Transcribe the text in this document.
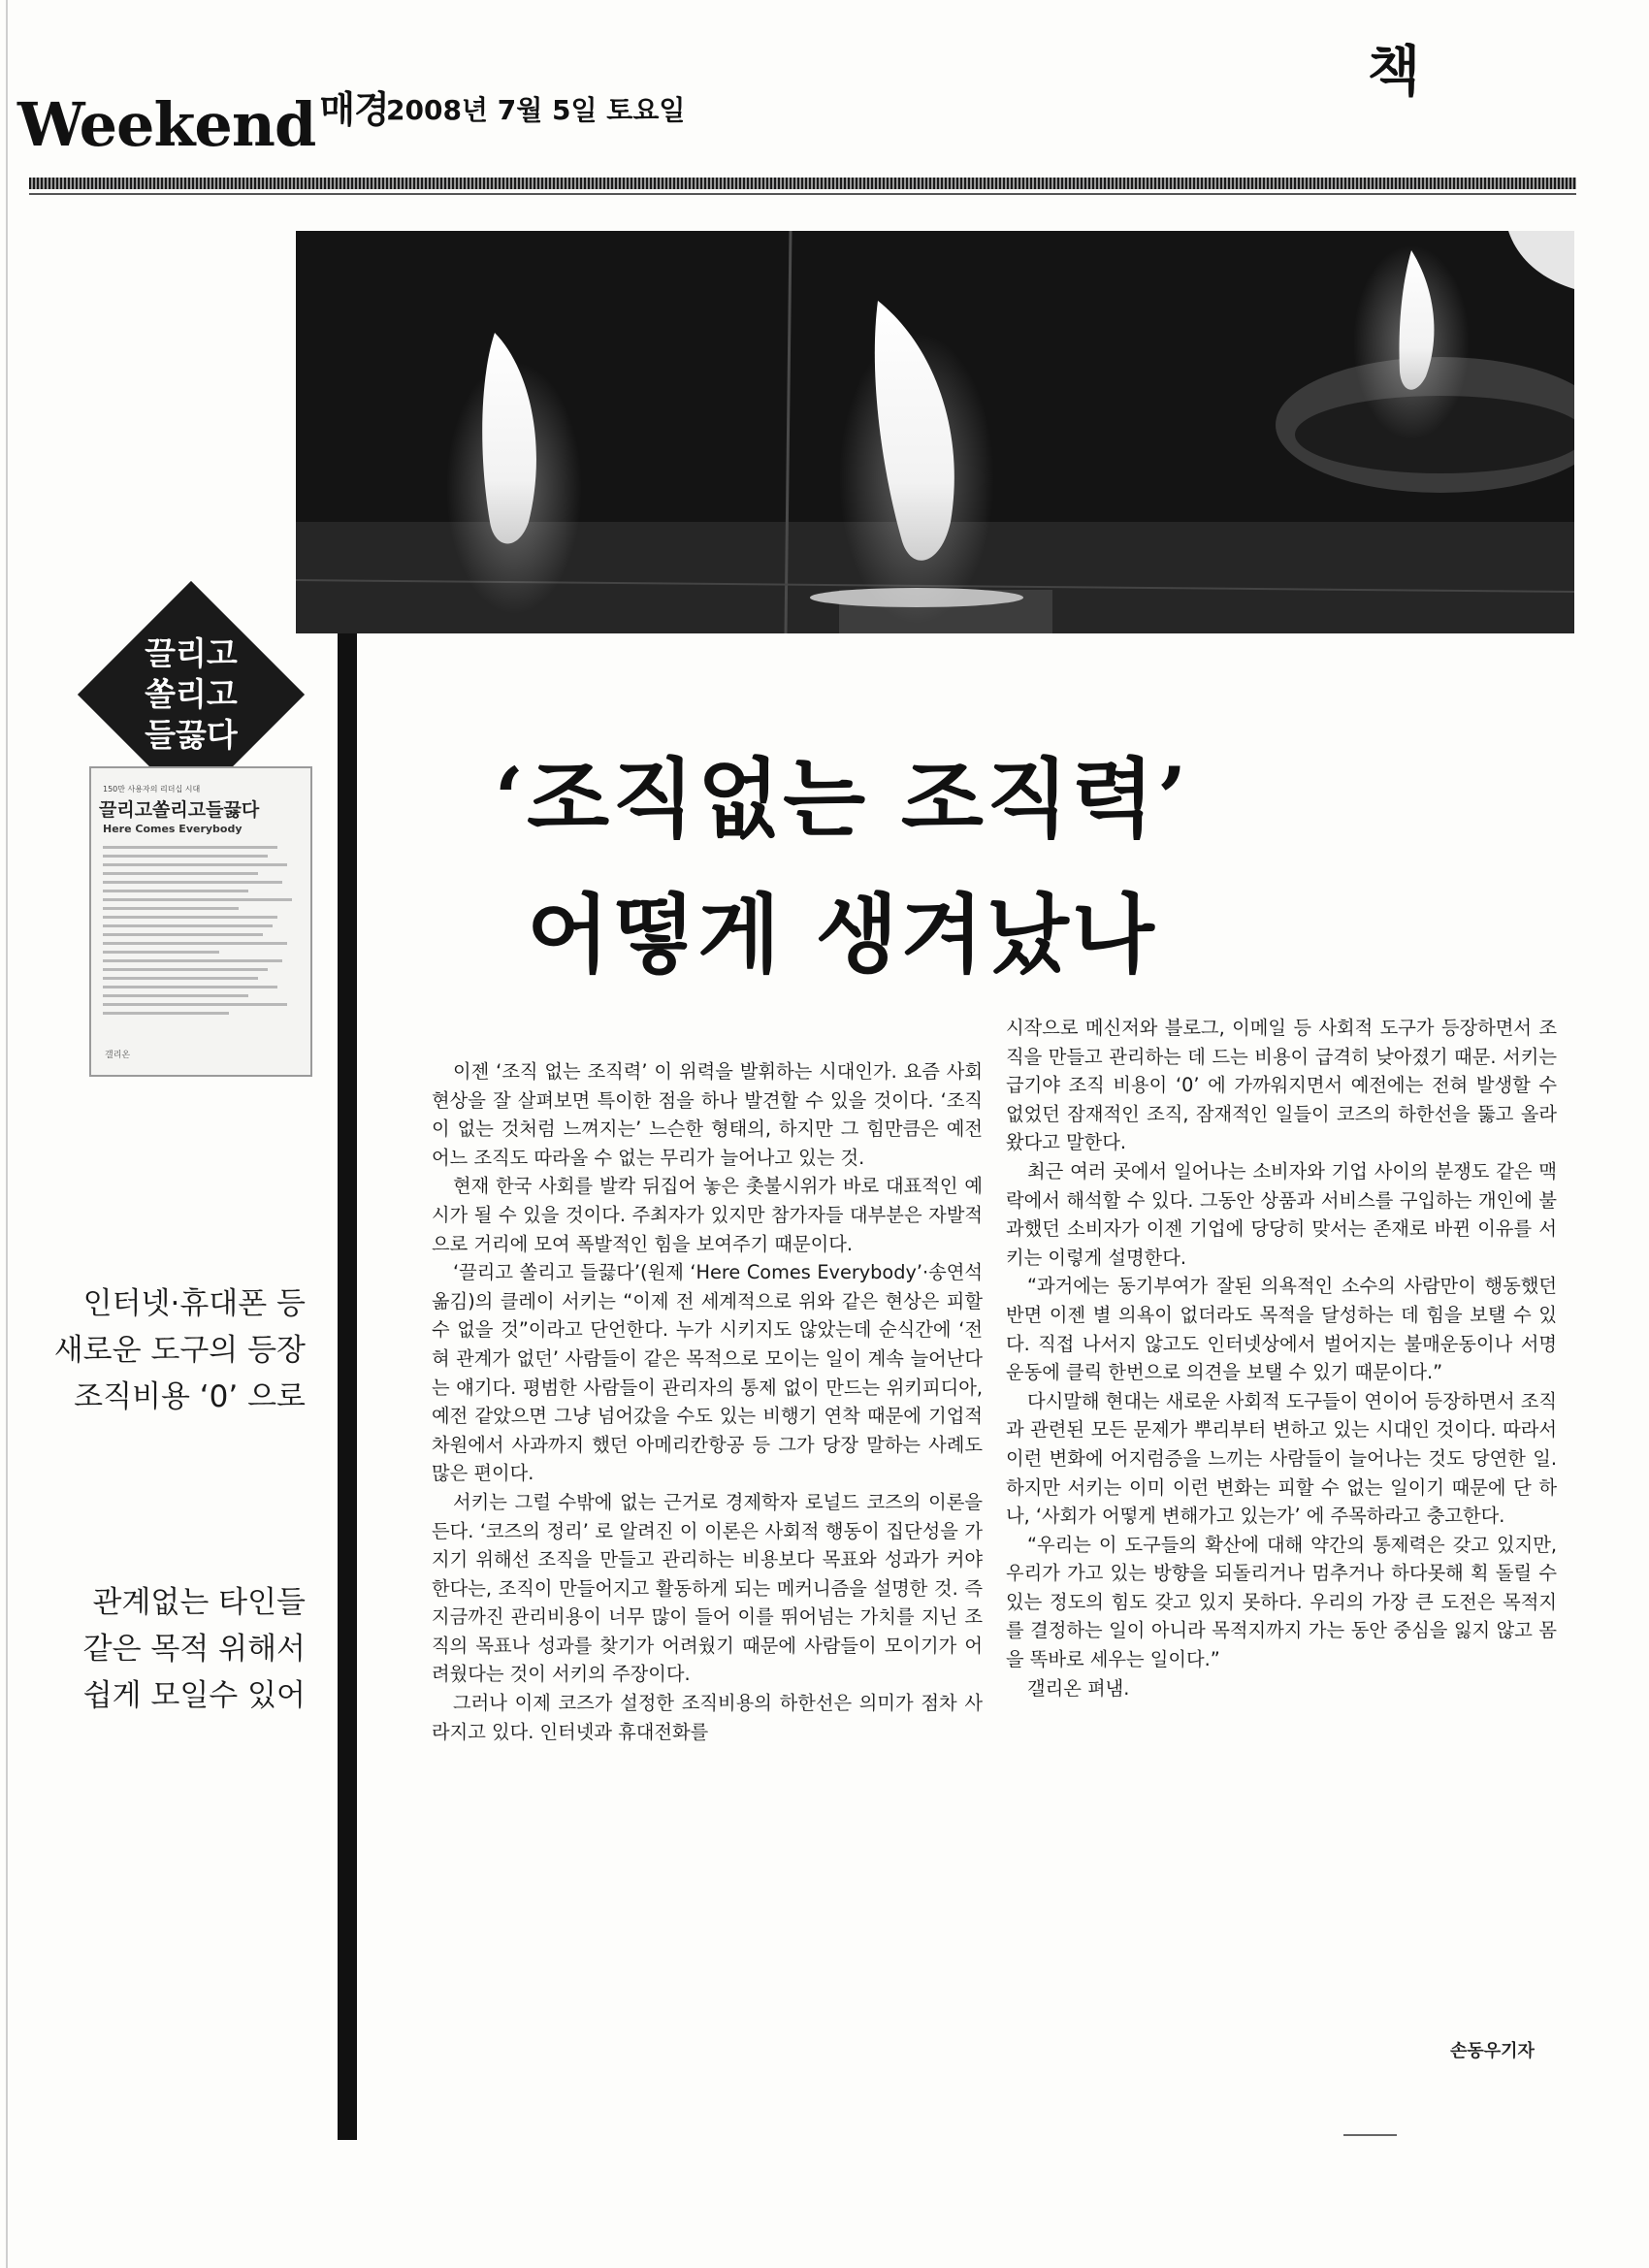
Weekend $^{매경}$
2008년 7월 5일 토요일
책
끌리고
쏠리고
들끓다
150만 사용자의 리더십 시대
끌리고쏠리고들끓다
Here Comes Everybody
갤리온
인터넷·휴대폰 등
새로운 도구의 등장
조직비용 ‘0’ 으로
관계없는 타인들
같은 목적 위해서
쉽게 모일수 있어
‘조직없는 조직력’
어떻게 생겨났나

이젠 ‘조직 없는 조직력’ 이 위력을 발휘하는 시대인가. 요즘 사회 현상을 잘 살펴보면 특이한 점을 하나 발견할 수 있을 것이다. ‘조직이 없는 것처럼 느껴지는’ 느슨한 형태의, 하지만 그 힘만큼은 예전 어느 조직도 따라올 수 없는 무리가 늘어나고 있는 것.

현재 한국 사회를 발칵 뒤집어 놓은 촛불시위가 바로 대표적인 예시가 될 수 있을 것이다. 주최자가 있지만 참가자들 대부분은 자발적으로 거리에 모여 폭발적인 힘을 보여주기 때문이다.

‘끌리고 쏠리고 들끓다’(원제 ‘Here Comes Everybody’·송연석 옮김)의 클레이 서키는 “이제 전 세계적으로 위와 같은 현상은 피할 수 없을 것”이라고 단언한다. 누가 시키지도 않았는데 순식간에 ‘전혀 관계가 없던’ 사람들이 같은 목적으로 모이는 일이 계속 늘어난다는 얘기다. 평범한 사람들이 관리자의 통제 없이 만드는 위키피디아, 예전 같았으면 그냥 넘어갔을 수도 있는 비행기 연착 때문에 기업적 차원에서 사과까지 했던 아메리칸항공 등 그가 당장 말하는 사례도 많은 편이다.

서키는 그럴 수밖에 없는 근거로 경제학자 로널드 코즈의 이론을 든다. ‘코즈의 정리’ 로 알려진 이 이론은 사회적 행동이 집단성을 가지기 위해선 조직을 만들고 관리하는 비용보다 목표와 성과가 커야 한다는, 조직이 만들어지고 활동하게 되는 메커니즘을 설명한 것. 즉 지금까진 관리비용이 너무 많이 들어 이를 뛰어넘는 가치를 지닌 조직의 목표나 성과를 찾기가 어려웠기 때문에 사람들이 모이기가 어려웠다는 것이 서키의 주장이다.

그러나 이제 코즈가 설정한 조직비용의 하한선은 의미가 점차 사라지고 있다. 인터넷과 휴대전화를

시작으로 메신저와 블로그, 이메일 등 사회적 도구가 등장하면서 조직을 만들고 관리하는 데 드는 비용이 급격히 낮아졌기 때문. 서키는 급기야 조직 비용이 ‘0’ 에 가까워지면서 예전에는 전혀 발생할 수 없었던 잠재적인 조직, 잠재적인 일들이 코즈의 하한선을 뚫고 올라왔다고 말한다.

최근 여러 곳에서 일어나는 소비자와 기업 사이의 분쟁도 같은 맥락에서 해석할 수 있다. 그동안 상품과 서비스를 구입하는 개인에 불과했던 소비자가 이젠 기업에 당당히 맞서는 존재로 바뀐 이유를 서키는 이렇게 설명한다.

“과거에는 동기부여가 잘된 의욕적인 소수의 사람만이 행동했던 반면 이젠 별 의욕이 없더라도 목적을 달성하는 데 힘을 보탤 수 있다. 직접 나서지 않고도 인터넷상에서 벌어지는 불매운동이나 서명운동에 클릭 한번으로 의견을 보탤 수 있기 때문이다.”

다시말해 현대는 새로운 사회적 도구들이 연이어 등장하면서 조직과 관련된 모든 문제가 뿌리부터 변하고 있는 시대인 것이다. 따라서 이런 변화에 어지럼증을 느끼는 사람들이 늘어나는 것도 당연한 일. 하지만 서키는 이미 이런 변화는 피할 수 없는 일이기 때문에 단 하나, ‘사회가 어떻게 변해가고 있는가’ 에 주목하라고 충고한다.

“우리는 이 도구들의 확산에 대해 약간의 통제력은 갖고 있지만, 우리가 가고 있는 방향을 되돌리거나 멈추거나 하다못해 획 돌릴 수 있는 정도의 힘도 갖고 있지 못하다. 우리의 가장 큰 도전은 목적지를 결정하는 일이 아니라 목적지까지 가는 동안 중심을 잃지 않고 몸을 똑바로 세우는 일이다.”

갤리온 펴냄.

손동우기자
